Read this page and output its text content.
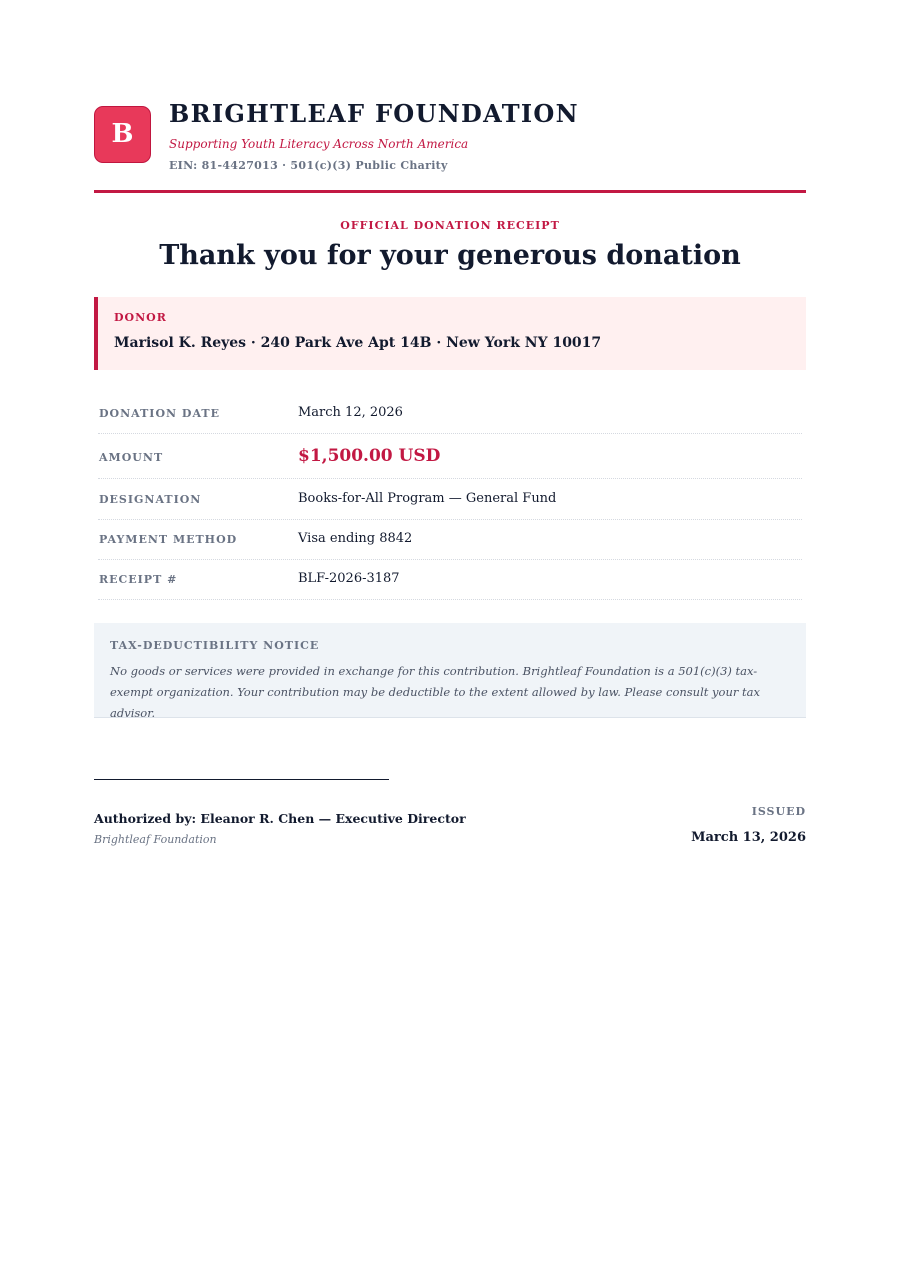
B
BRIGHTLEAF FOUNDATION
Supporting Youth Literacy Across North America
EIN: 81-4427013 · 501(c)(3) Public Charity
OFFICIAL DONATION RECEIPT
Thank you for your generous donation
DONOR
Marisol K. Reyes · 240 Park Ave Apt 14B · New York NY 10017
DONATION DATE	March 12, 2026
AMOUNT	$1,500.00 USD
DESIGNATION	Books-for-All Program — General Fund
PAYMENT METHOD	Visa ending 8842
RECEIPT #	BLF-2026-3187
TAX-DEDUCTIBILITY NOTICE
No goods or services were provided in exchange for this contribution. Brightleaf Foundation is a 501(c)(3) tax-exempt organization. Your contribution may be deductible to the extent allowed by law. Please consult your tax advisor.
Authorized by: Eleanor R. Chen — Executive Director
Brightleaf Foundation
ISSUED
March 13, 2026
